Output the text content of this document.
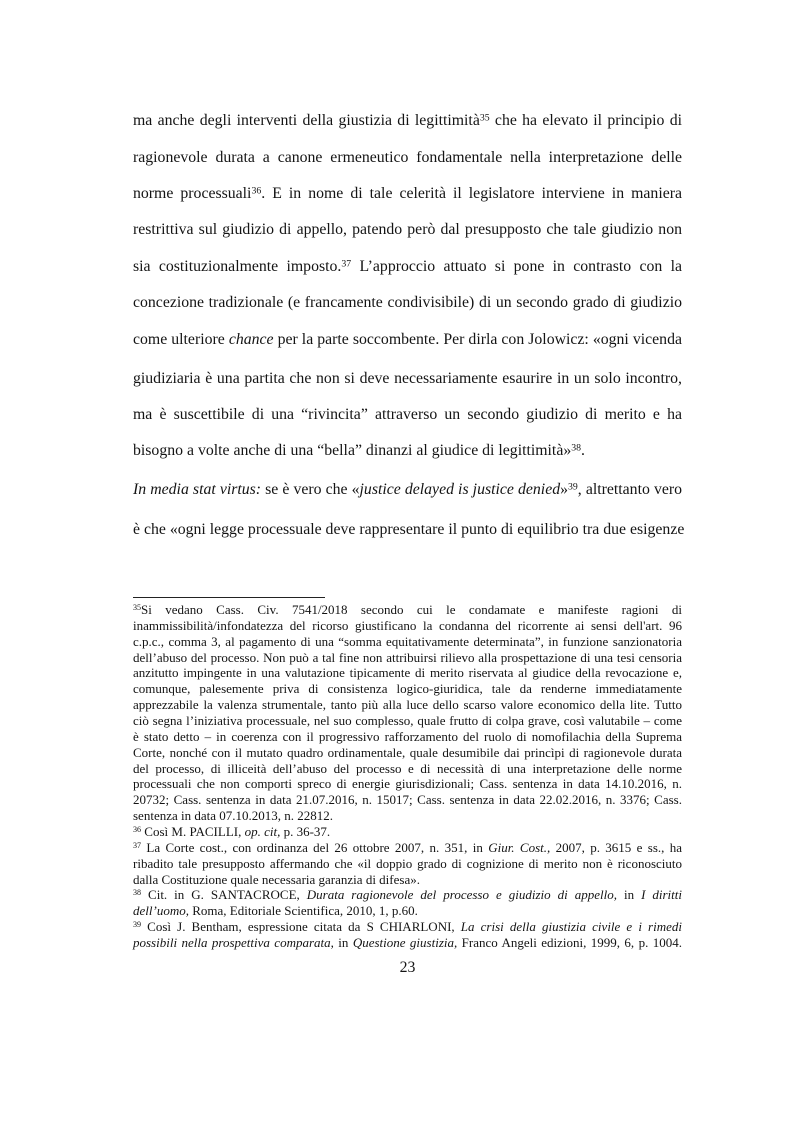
ma anche degli interventi della giustizia di legittimità$^{35}$ che ha elevato il principio di
ragionevole durata a canone ermeneutico fondamentale nella interpretazione delle
norme processuali$^{36}$. E in nome di tale celerità il legislatore interviene in maniera
restrittiva sul giudizio di appello, patendo però dal presupposto che tale giudizio non
sia costituzionalmente imposto.$^{37}$ L’approccio attuato si pone in contrasto con la
concezione tradizionale (e francamente condivisibile) di un secondo grado di giudizio
come ulteriore chance per la parte soccombente. Per dirla con Jolowicz: «ogni vicenda
giudiziaria è una partita che non si deve necessariamente esaurire in un solo incontro,
ma è suscettibile di una “rivincita” attraverso un secondo giudizio di merito e ha
bisogno a volte anche di una “bella” dinanzi al giudice di legittimità»$^{38}$.
In media stat virtus: se è vero che «justice delayed is justice denied»$^{39}$, altrettanto vero
è che «ogni legge processuale deve rappresentare il punto di equilibrio tra due esigenze
$^{35}$Si vedano Cass. Civ. 7541/2018 secondo cui le condamate e manifeste ragioni di
inammissibilità/infondatezza del ricorso giustificano la condanna del ricorrente ai sensi dell'art. 96
c.p.c., comma 3, al pagamento di una “somma equitativamente determinata”, in funzione sanzionatoria
dell’abuso del processo. Non può a tal fine non attribuirsi rilievo alla prospettazione di una tesi censoria
anzitutto impingente in una valutazione tipicamente di merito riservata al giudice della revocazione e,
comunque, palesemente priva di consistenza logico-giuridica, tale da renderne immediatamente
apprezzabile la valenza strumentale, tanto più alla luce dello scarso valore economico della lite. Tutto
ciò segna l’iniziativa processuale, nel suo complesso, quale frutto di colpa grave, così valutabile – come
è stato detto – in coerenza con il progressivo rafforzamento del ruolo di nomofilachia della Suprema
Corte, nonché con il mutato quadro ordinamentale, quale desumibile dai princìpi di ragionevole durata
del processo, di illiceità dell’abuso del processo e di necessità di una interpretazione delle norme
processuali che non comporti spreco di energie giurisdizionali; Cass. sentenza in data 14.10.2016, n.
20732; Cass. sentenza in data 21.07.2016, n. 15017; Cass. sentenza in data 22.02.2016, n. 3376; Cass.
sentenza in data 07.10.2013, n. 22812.
$^{36}$ Così M. PACILLI, op. cit, p. 36-37.
$^{37}$ La Corte cost., con ordinanza del 26 ottobre 2007, n. 351, in Giur. Cost., 2007, p. 3615 e ss., ha
ribadito tale presupposto affermando che «il doppio grado di cognizione di merito non è riconosciuto
dalla Costituzione quale necessaria garanzia di difesa».
$^{38}$ Cit. in G. SANTACROCE, Durata ragionevole del processo e giudizio di appello, in I diritti
dell’uomo, Roma, Editoriale Scientifica, 2010, 1, p.60.
$^{39}$ Così J. Bentham, espressione citata da S CHIARLONI, La crisi della giustizia civile e i rimedi
possibili nella prospettiva comparata, in Questione giustizia, Franco Angeli edizioni, 1999, 6, p. 1004.
23
